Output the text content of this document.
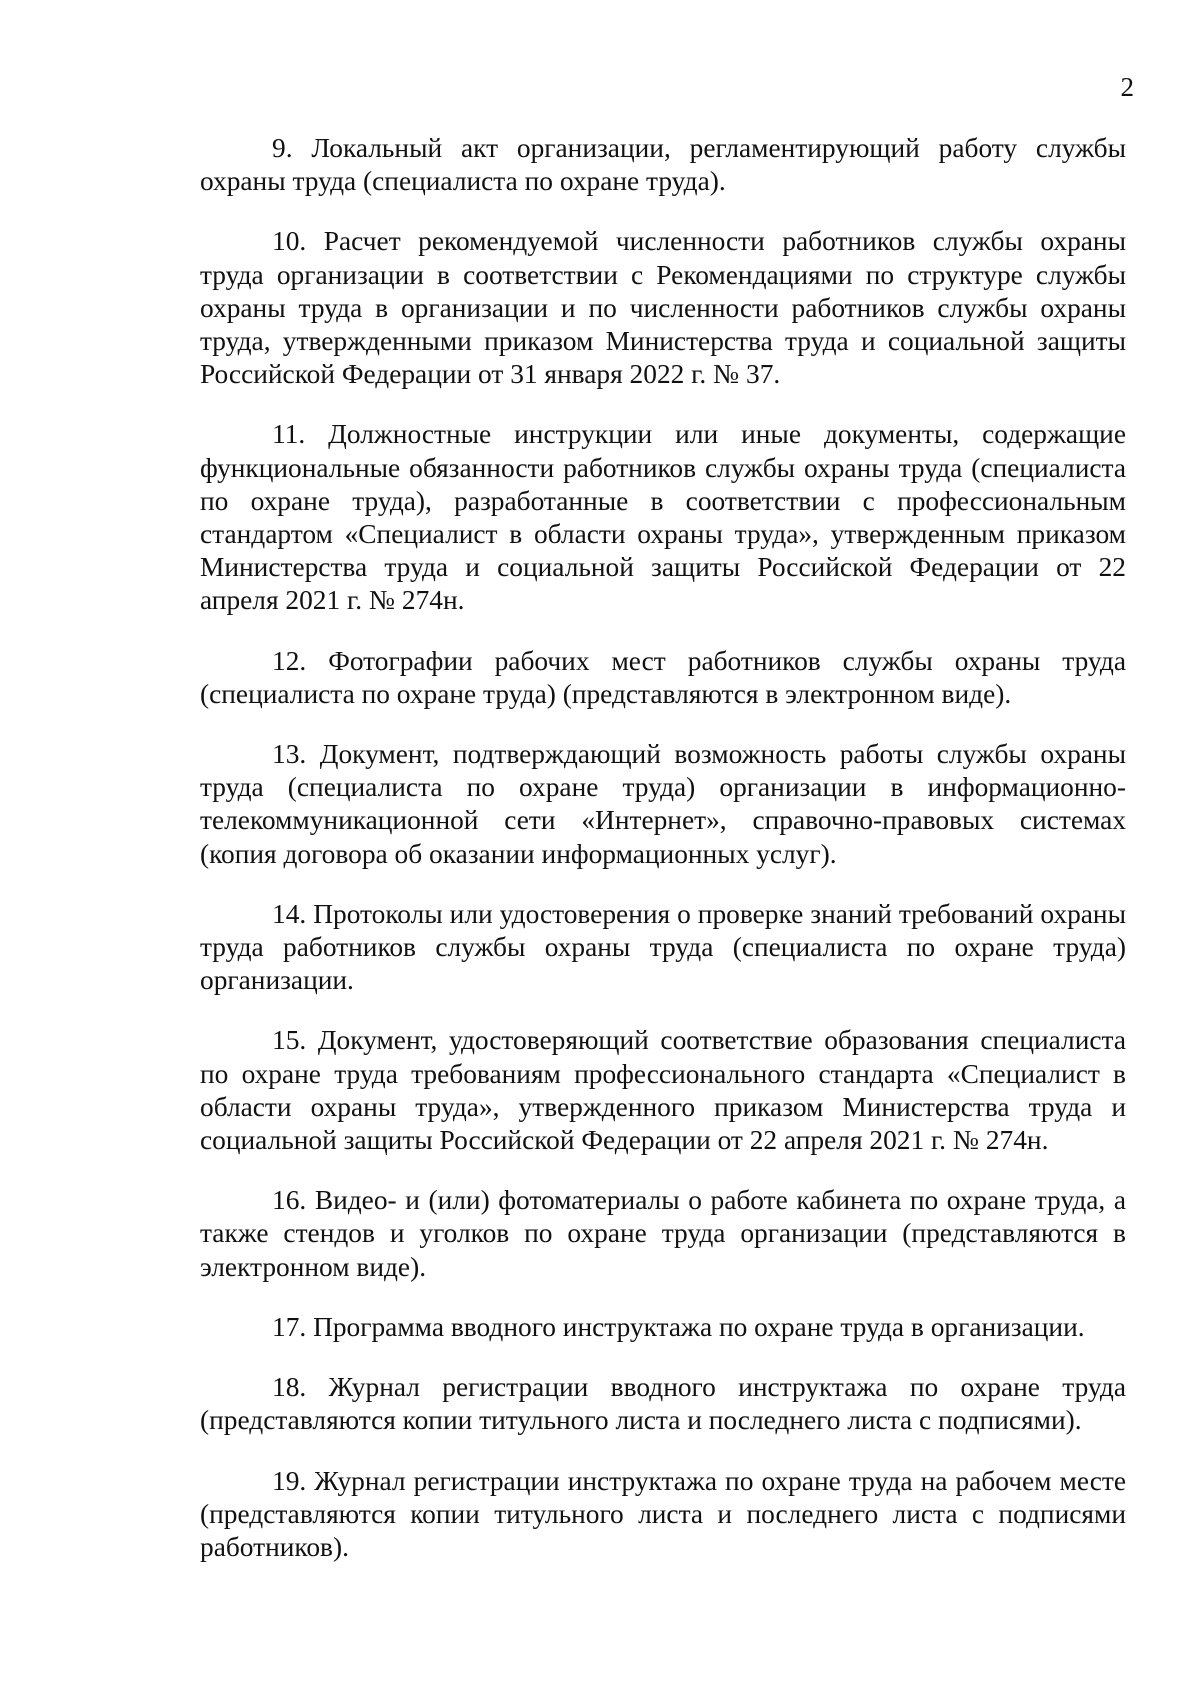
2

9. Локальный акт организации, регламентирующий работу службы охраны труда (специалиста по охране труда).

10. Расчет рекомендуемой численности работников службы охраны труда организации в соответствии с Рекомендациями по структуре службы охраны труда в организации и по численности работников службы охраны труда, утвержденными приказом Министерства труда и социальной защиты Российской Федерации от 31 января 2022 г. № 37.

11. Должностные инструкции или иные документы, содержащие функциональные обязанности работников службы охраны труда (специалиста по охране труда), разработанные в соответствии с профессиональным стандартом «Специалист в области охраны труда», утвержденным приказом Министерства труда и социальной защиты Российской Федерации от 22 апреля 2021 г. № 274н.

12. Фотографии рабочих мест работников службы охраны труда (специалиста по охране труда) (представляются в электронном виде).

13. Документ, подтверждающий возможность работы службы охраны труда (специалиста по охране труда) организации в информационно-телекоммуникационной сети «Интернет», справочно-правовых системах (копия договора об оказании информационных услуг).

14. Протоколы или удостоверения о проверке знаний требований охраны труда работников службы охраны труда (специалиста по охране труда) организации.

15. Документ, удостоверяющий соответствие образования специалиста по охране труда требованиям профессионального стандарта «Специалист в области охраны труда», утвержденного приказом Министерства труда и социальной защиты Российской Федерации от 22 апреля 2021 г. № 274н.

16. Видео- и (или) фотоматериалы о работе кабинета по охране труда, а также стендов и уголков по охране труда организации (представляются в электронном виде).

17. Программа вводного инструктажа по охране труда в организации.

18. Журнал регистрации вводного инструктажа по охране труда (представляются копии титульного листа и последнего листа с подписями).

19. Журнал регистрации инструктажа по охране труда на рабочем месте (представляются копии титульного листа и последнего листа с подписями работников).
